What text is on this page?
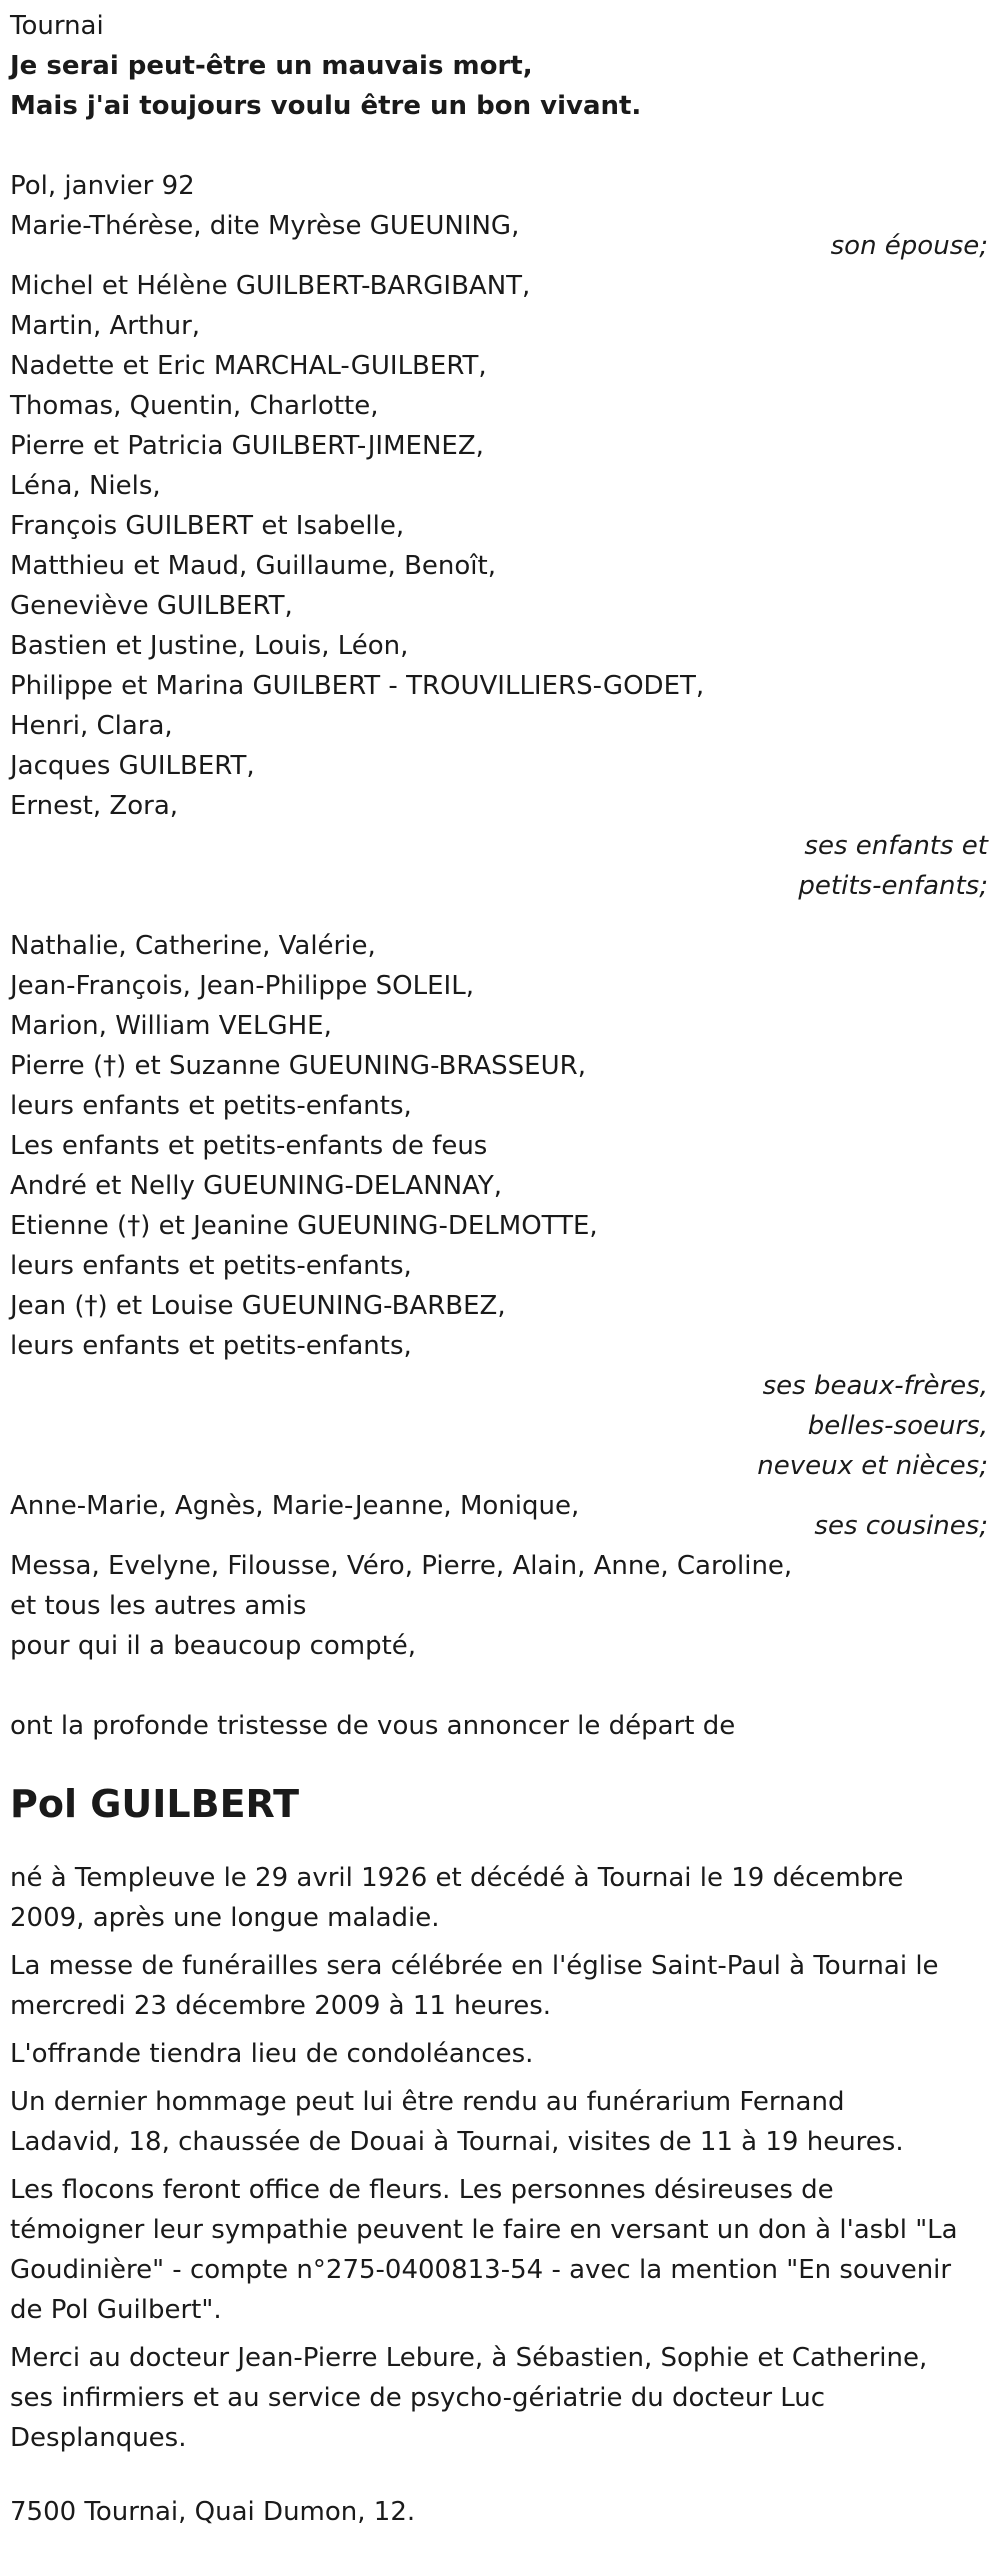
Tournai
Je serai peut-être un mauvais mort,
Mais j'ai toujours voulu être un bon vivant.
Pol, janvier 92
Marie-Thérèse, dite Myrèse GUEUNING,
son épouse;
Michel et Hélène GUILBERT-BARGIBANT,
Martin, Arthur,
Nadette et Eric MARCHAL-GUILBERT,
Thomas, Quentin, Charlotte,
Pierre et Patricia GUILBERT-JIMENEZ,
Léna, Niels,
François GUILBERT et Isabelle,
Matthieu et Maud, Guillaume, Benoît,
Geneviève GUILBERT,
Bastien et Justine, Louis, Léon,
Philippe et Marina GUILBERT - TROUVILLIERS-GODET,
Henri, Clara,
Jacques GUILBERT,
Ernest, Zora,
ses enfants et
petits-enfants;
Nathalie, Catherine, Valérie,
Jean-François, Jean-Philippe SOLEIL,
Marion, William VELGHE,
Pierre (†) et Suzanne GUEUNING-BRASSEUR,
leurs enfants et petits-enfants,
Les enfants et petits-enfants de feus
André et Nelly GUEUNING-DELANNAY,
Etienne (†) et Jeanine GUEUNING-DELMOTTE,
leurs enfants et petits-enfants,
Jean (†) et Louise GUEUNING-BARBEZ,
leurs enfants et petits-enfants,
ses beaux-frères,
belles-soeurs,
neveux et nièces;
Anne-Marie, Agnès, Marie-Jeanne, Monique,
ses cousines;
Messa, Evelyne, Filousse, Véro, Pierre, Alain, Anne, Caroline,
et tous les autres amis
pour qui il a beaucoup compté,
ont la profonde tristesse de vous annoncer le départ de
Pol GUILBERT
né à Templeuve le 29 avril 1926 et décédé à Tournai le 19 décembre
2009, après une longue maladie.
La messe de funérailles sera célébrée en l'église Saint-Paul à Tournai le
mercredi 23 décembre 2009 à 11 heures.
L'offrande tiendra lieu de condoléances.
Un dernier hommage peut lui être rendu au funérarium Fernand
Ladavid, 18, chaussée de Douai à Tournai, visites de 11 à 19 heures.
Les flocons feront office de fleurs. Les personnes désireuses de
témoigner leur sympathie peuvent le faire en versant un don à l'asbl "La
Goudinière" - compte n°275-0400813-54 - avec la mention "En souvenir
de Pol Guilbert".
Merci au docteur Jean-Pierre Lebure, à Sébastien, Sophie et Catherine,
ses infirmiers et au service de psycho-gériatrie du docteur Luc
Desplanques.
7500 Tournai, Quai Dumon, 12.
